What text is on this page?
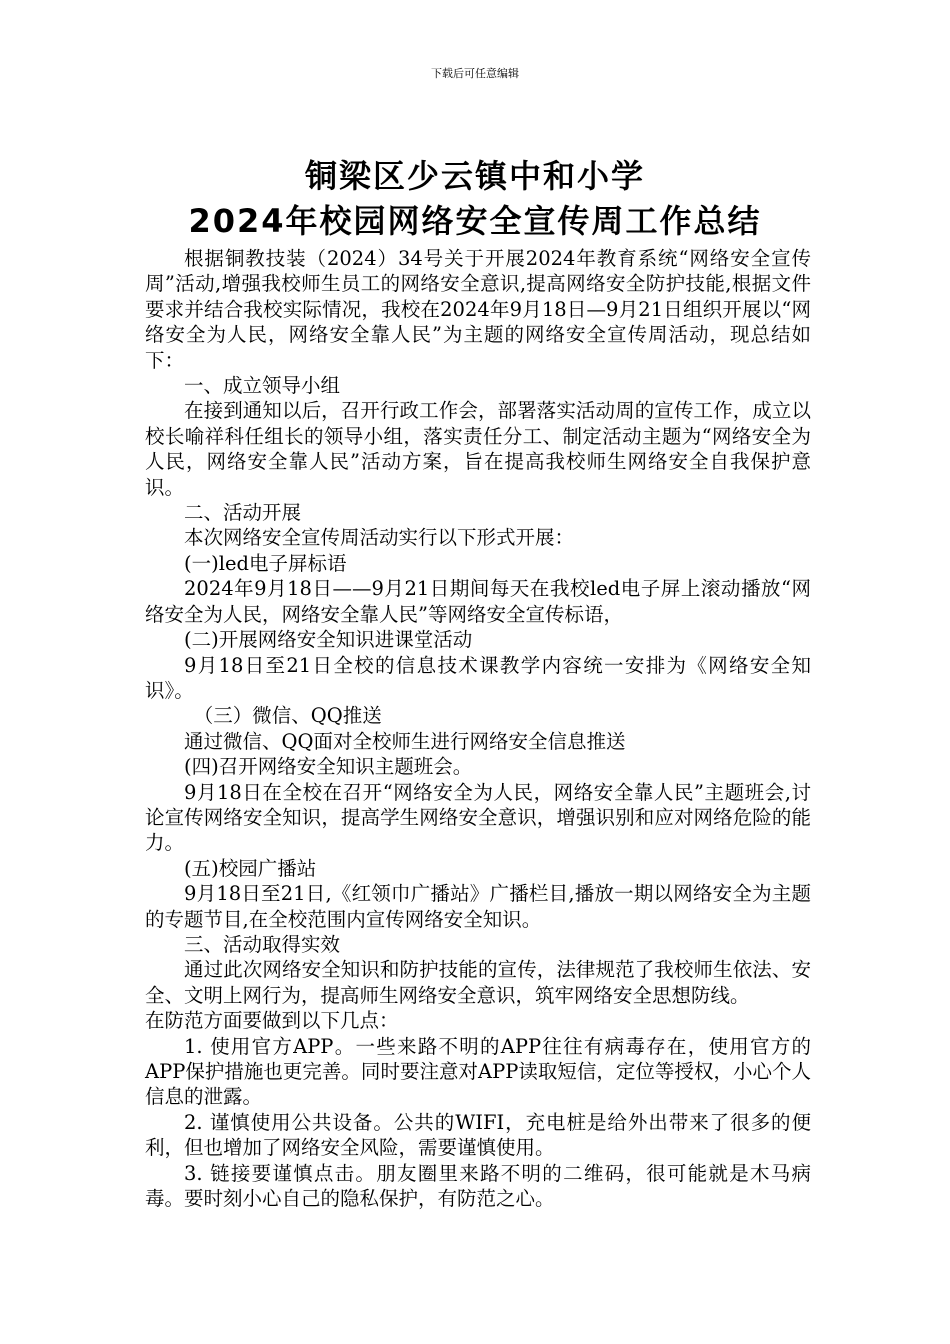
下载后可任意编辑
铜梁区少云镇中和小学
2024年校园网络安全宣传周工作总结

根据铜教技装（2024）34号关于开展2024年教育系统“网络安全宣传周”活动,增强我校师生员工的网络安全意识,提高网络安全防护技能,根据文件要求并结合我校实际情况，我校在2024年9月18日—9月21日组织开展以“网络安全为人民，网络安全靠人民”为主题的网络安全宣传周活动，现总结如下：

一、成立领导小组

在接到通知以后，召开行政工作会，部署落实活动周的宣传工作，成立以校长喻祥科任组长的领导小组，落实责任分工、制定活动主题为“网络安全为人民，网络安全靠人民”活动方案，旨在提高我校师生网络安全自我保护意识。

二、活动开展

本次网络安全宣传周活动实行以下形式开展：

(一)led电子屏标语

2024年9月18日——9月21日期间每天在我校led电子屏上滚动播放“网络安全为人民，网络安全靠人民”等网络安全宣传标语，

(二)开展网络安全知识进课堂活动

9月18日至21日全校的信息技术课教学内容统一安排为《网络安全知识》。

（三）微信、QQ推送

通过微信、QQ面对全校师生进行网络安全信息推送

(四)召开网络安全知识主题班会。

9月18日在全校在召开“网络安全为人民，网络安全靠人民”主题班会,讨论宣传网络安全知识，提高学生网络安全意识，增强识别和应对网络危险的能力。

(五)校园广播站

9月18日至21日,《红领巾广播站》广播栏目,播放一期以网络安全为主题的专题节目,在全校范围内宣传网络安全知识。

三、活动取得实效

通过此次网络安全知识和防护技能的宣传，法律规范了我校师生依法、安全、文明上网行为，提高师生网络安全意识，筑牢网络安全思想防线。

在防范方面要做到以下几点：

1. 使用官方APP。一些来路不明的APP往往有病毒存在，使用官方的APP保护措施也更完善。同时要注意对APP读取短信，定位等授权，小心个人信息的泄露。

2. 谨慎使用公共设备。公共的WIFI，充电桩是给外出带来了很多的便利，但也增加了网络安全风险，需要谨慎使用。

3. 链接要谨慎点击。朋友圈里来路不明的二维码，很可能就是木马病毒。要时刻小心自己的隐私保护，有防范之心。
